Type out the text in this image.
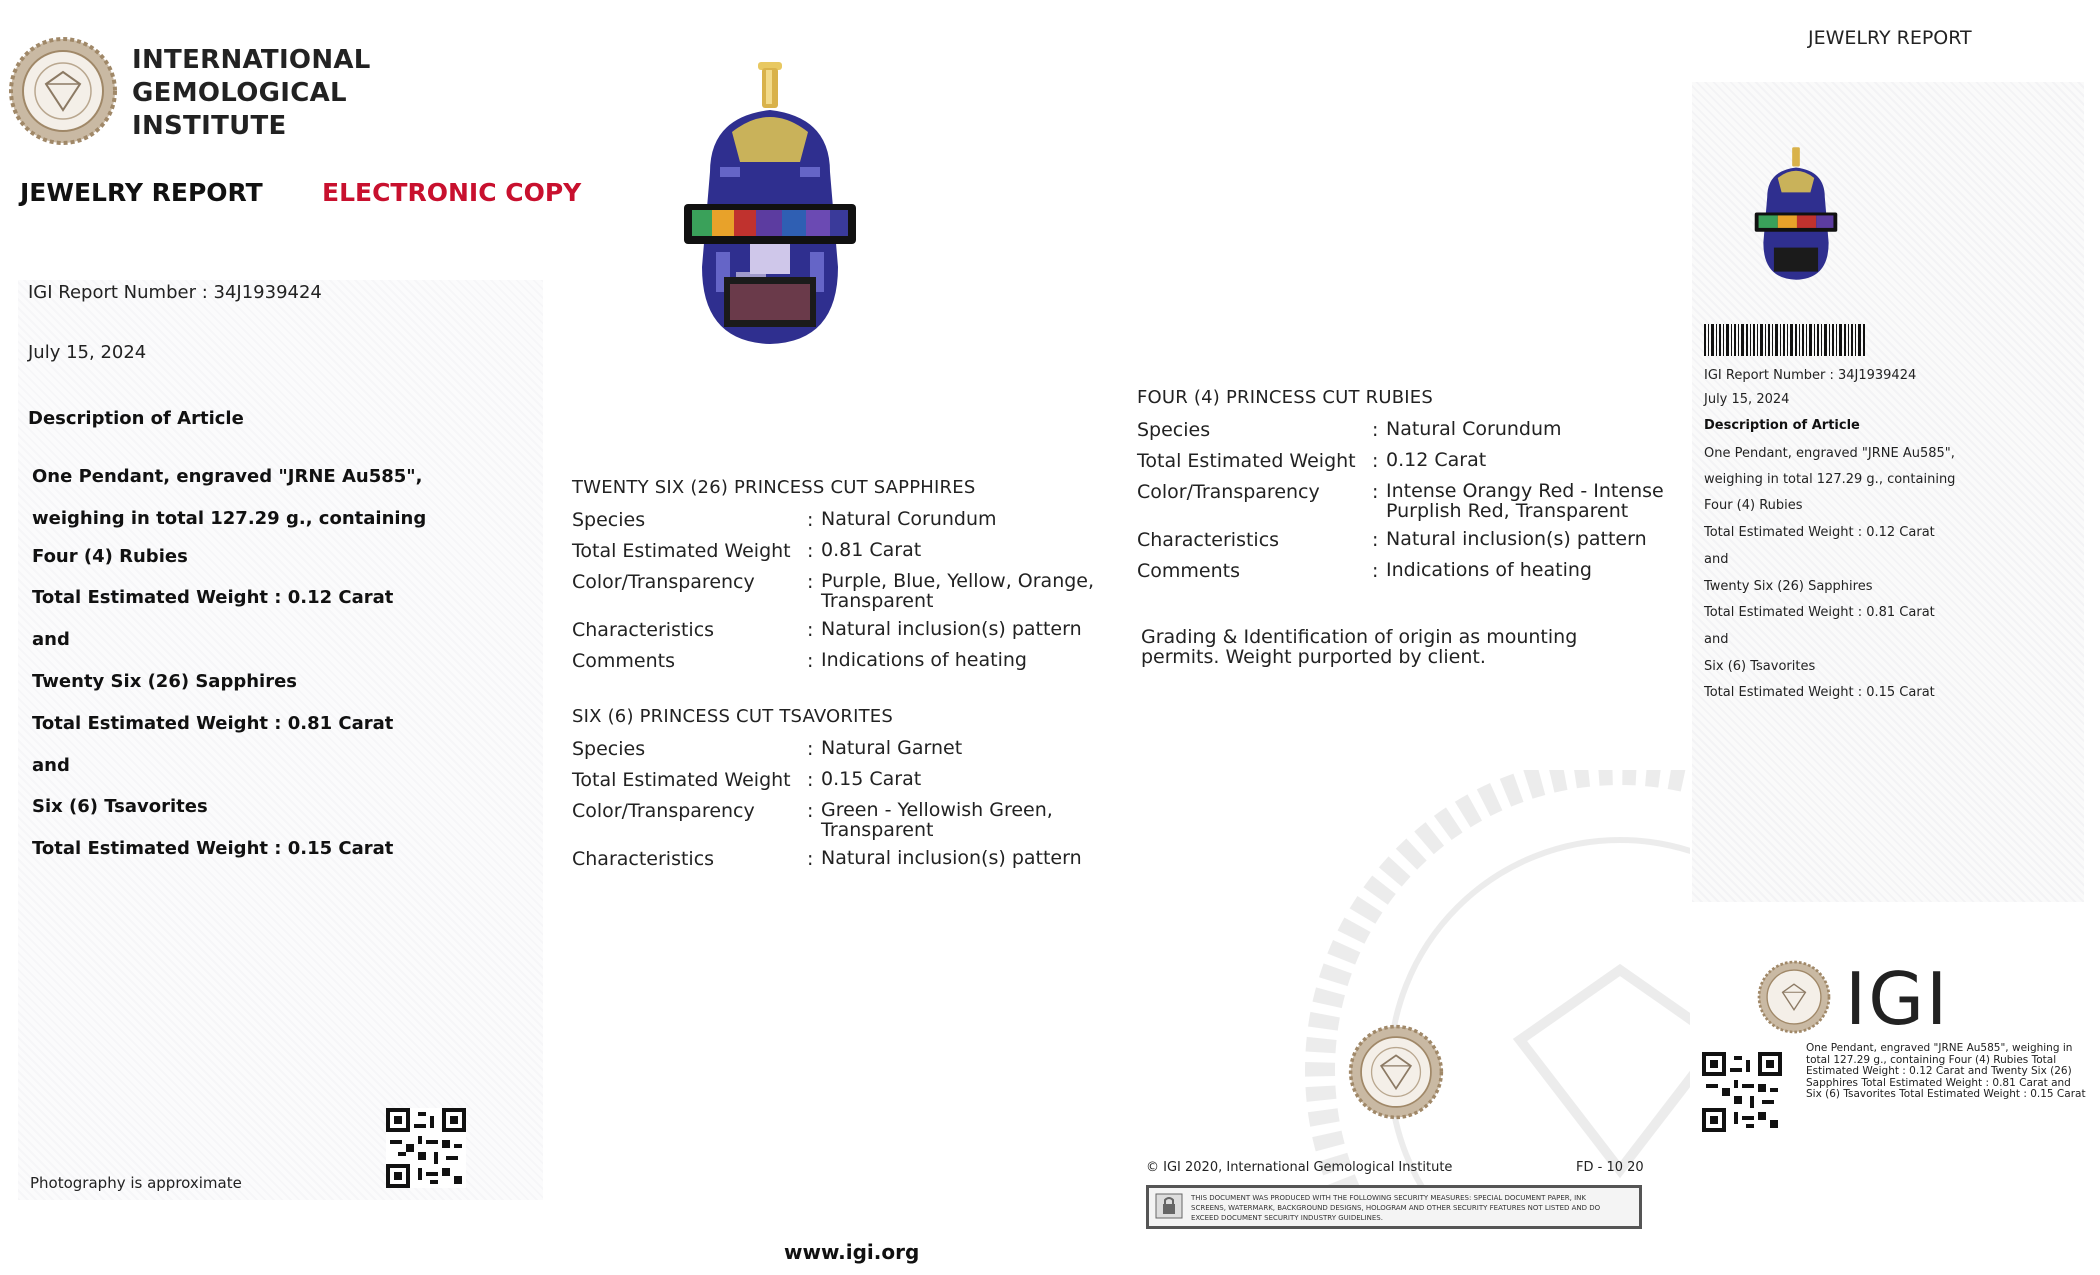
INTERNATIONAL
GEMOLOGICAL
INSTITUTE
JEWELRY REPORT ELECTRONIC COPY
IGI Report Number : 34J1939424
July 15, 2024
Description of Article
One Pendant, engraved "JRNE Au585",
weighing in total 127.29 g., containing
Four (4) Rubies
Total Estimated Weight : 0.12 Carat
and
Twenty Six (26) Sapphires
Total Estimated Weight : 0.81 Carat
and
Six (6) Tsavorites
Total Estimated Weight : 0.15 Carat
Photography is approximate
TWENTY SIX (26) PRINCESS CUT SAPPHIRES
Species	: Natural Corundum
Total Estimated Weight : 0.81 Carat
Color/Transparency	: Purple, Blue, Yellow, Orange, Transparent
Characteristics	: Natural inclusion(s) pattern
Comments	: Indications of heating
SIX (6) PRINCESS CUT TSAVORITES
Species	: Natural Garnet
Total Estimated Weight : 0.15 Carat
Color/Transparency	: Green - Yellowish Green, Transparent
Characteristics	: Natural inclusion(s) pattern
FOUR (4) PRINCESS CUT RUBIES
Species	: Natural Corundum
Total Estimated Weight : 0.12 Carat
Color/Transparency	: Intense Orangy Red - Intense Purplish Red, Transparent
Characteristics	: Natural inclusion(s) pattern
Comments	: Indications of heating
Grading & Identification of origin as mounting permits. Weight purported by client.
© IGI 2020, International Gemological Institute	FD - 10 20
THIS DOCUMENT WAS PRODUCED WITH THE FOLLOWING SECURITY MEASURES: SPECIAL DOCUMENT PAPER, INK SCREENS, WATERMARK, BACKGROUND DESIGNS, HOLOGRAM AND OTHER SECURITY FEATURES NOT LISTED AND DO EXCEED DOCUMENT SECURITY INDUSTRY GUIDELINES.
www.igi.org
JEWELRY REPORT
IGI Report Number : 34J1939424
July 15, 2024
Description of Article
One Pendant, engraved "JRNE Au585",
weighing in total 127.29 g., containing
Four (4) Rubies
Total Estimated Weight : 0.12 Carat
and
Twenty Six (26) Sapphires
Total Estimated Weight : 0.81 Carat
and
Six (6) Tsavorites
Total Estimated Weight : 0.15 Carat
IGI
One Pendant, engraved "JRNE Au585", weighing in total 127.29 g., containing Four (4) Rubies Total Estimated Weight : 0.12 Carat and Twenty Six (26) Sapphires Total Estimated Weight : 0.81 Carat and Six (6) Tsavorites Total Estimated Weight : 0.15 Carat
